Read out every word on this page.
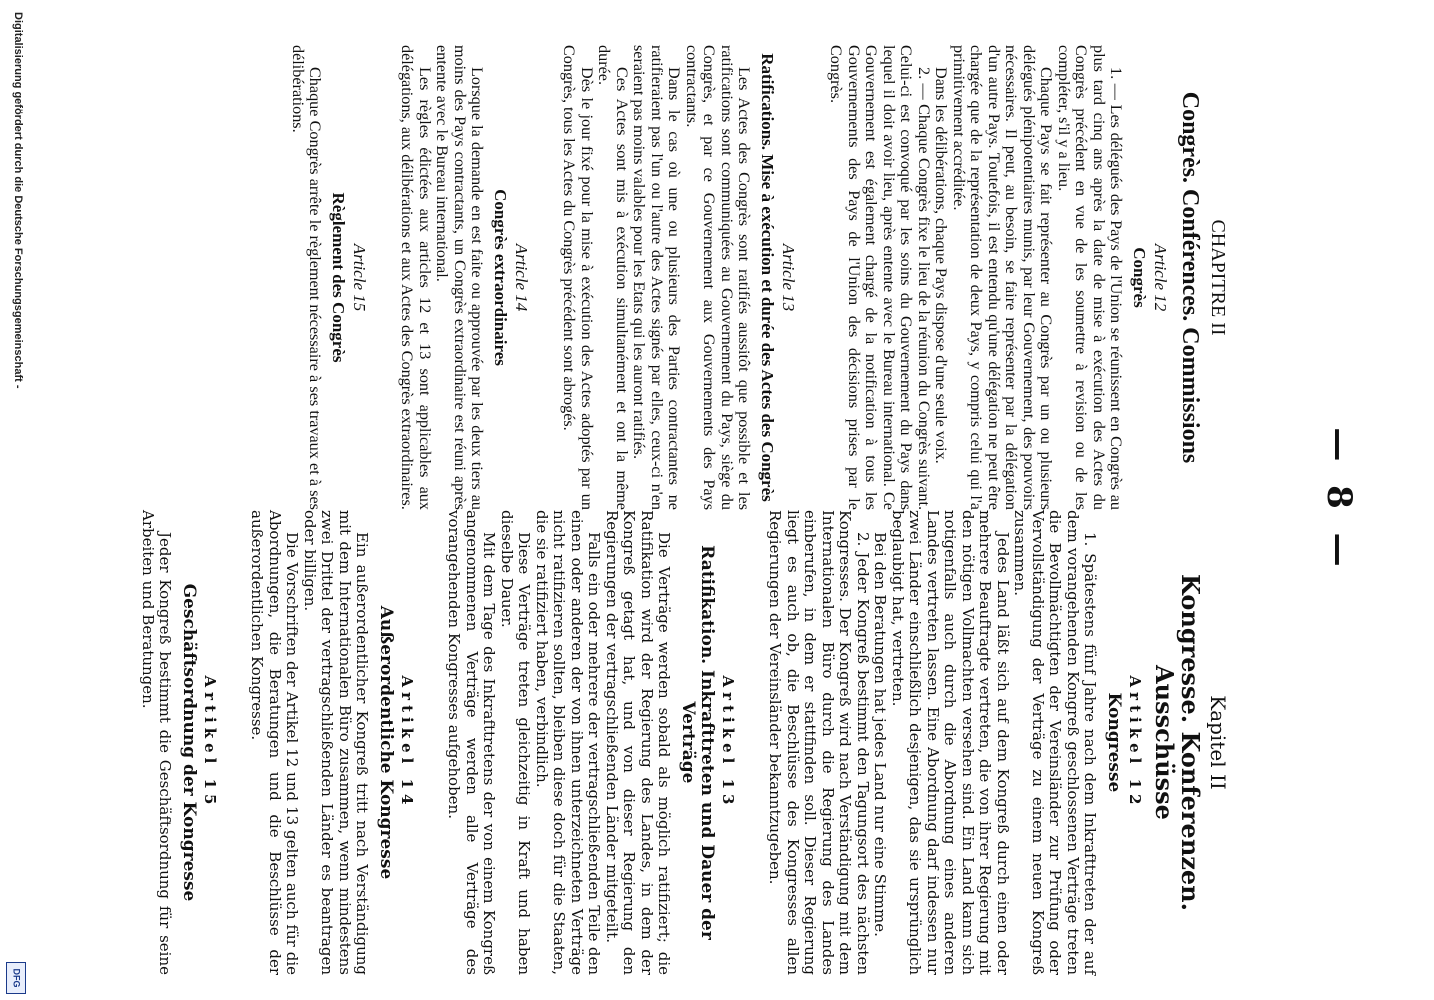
— 8 —

CHAPITRE II

Congrès. Conférences. Commissions

Article 12
Congrès

1. — Les délégués des Pays de l'Union se réunissent en Congrès au plus tard cinq ans après la date de mise à exécution des Actes du Congrès précédent en vue de les soumettre à revision ou de les compléter, s'il y a lieu.

Chaque Pays se fait représenter au Congrès par un ou plusieurs délégués plénipotentiaires munis, par leur Gouvernement, des pouvoirs nécessaires. Il peut, au besoin, se faire représenter par la délégation d'un autre Pays. Toutefois, il est entendu qu'une délégation ne peut être chargée que de la représentation de deux Pays, y compris celui qui l'a primitivement accréditée.

Dans les délibérations, chaque Pays dispose d'une seule voix.

2. — Chaque Congrès fixe le lieu de la réunion du Congrès suivant. Celui-ci est convoqué par les soins du Gouvernement du Pays dans lequel il doit avoir lieu, après entente avec le Bureau international. Ce Gouvernement est également chargé de la notification à tous les Gouvernements des Pays de l'Union des décisions prises par le Congrès.

Article 13
Ratifications. Mise à exécution et durée des Actes des Congrès

Les Actes des Congrès sont ratifiés aussitôt que possible et les ratifications sont communiquées au Gouvernement du Pays, siège du Congrès, et par ce Gouvernement aux Gouvernements des Pays contractants.

Dans le cas où une ou plusieurs des Parties contractantes ne ratifieraient pas l'un ou l'autre des Actes signés par elles, ceux-ci n'en seraient pas moins valables pour les Etats qui les auront ratifiés.

Ces Actes sont mis à exécution simultanément et ont la même durée.

Dès le jour fixé pour la mise à exécution des Actes adoptés par un Congrès, tous les Actes du Congrès précédent sont abrogés.

Article 14
Congrès extraordinaires

Lorsque la demande en est faite ou approuvée par les deux tiers au moins des Pays contractants, un Congrès extraordinaire est réuni après entente avec le Bureau international.

Les règles édictées aux articles 12 et 13 sont applicables aux délégations, aux délibérations et aux Actes des Congrès extraordinaires.

Article 15
Règlement des Congrès

Chaque Congrès arrête le règlement nécessaire à ses travaux et à ses délibérations.

Kapitel II

Kongresse. Konferenzen. Ausschüsse

Artikel 12
Kongresse

1. Spätestens fünf Jahre nach dem Inkrafttreten der auf dem vorangehenden Kongreß geschlossenen Verträge treten die Bevollmächtigten der Vereinsländer zur Prüfung oder Vervollständigung der Verträge zu einem neuen Kongreß zusammen.

Jedes Land läßt sich auf dem Kongreß durch einen oder mehrere Beauftragte vertreten, die von ihrer Regierung mit den nötigen Vollmachten versehen sind. Ein Land kann sich notigenfalls auch durch die Abordnung eines anderen Landes vertreten lassen. Eine Abordnung darf indessen nur zwei Länder einschließlich desjenigen, das sie ursprünglich beglaubigt hat, vertreten.

Bei den Beratungen hat jedes Land nur eine Stimme.

2. Jeder Kongreß bestimmt den Tagungsort des nächsten Kongresses. Der Kongreß wird nach Verständigung mit dem Internationalen Büro durch die Regierung des Landes einberufen, in dem er stattfinden soll. Dieser Regierung liegt es auch ob, die Beschlüsse des Kongresses allen Regierungen der Vereinsländer bekanntzugeben.

Artikel 13
Ratifikation. Inkrafttreten und Dauer der Verträge

Die Verträge werden sobald als möglich ratifiziert; die Ratifikation wird der Regierung des Landes, in dem der Kongreß getagt hat, und von dieser Regierung den Regierungen der vertragschließenden Länder mitgeteilt.

Falls ein oder mehrere der vertragschließenden Teile den einen oder anderen der von ihnen unterzeichneten Verträge nicht ratifizieren sollten, bleiben diese doch für die Staaten, die sie ratifiziert haben, verbindlich.

Diese Verträge treten gleichzeitig in Kraft und haben dieselbe Dauer.

Mit dem Tage des Inkrafttretens der von einem Kongreß angenommenen Verträge werden alle Verträge des vorangehenden Kongresses aufgehoben.

Artikel 14
Außerordentliche Kongresse

Ein außerordentlicher Kongreß tritt nach Verständigung mit dem Internationalen Büro zusammen, wenn mindestens zwei Drittel der vertragschließenden Länder es beantragen oder billigen.

Die Vorschriften der Artikel 12 und 13 gelten auch für die Abordnungen, die Beratungen und die Beschlüsse der außerordentlichen Kongresse.

Artikel 15
Geschäftsordnung der Kongresse

Jeder Kongreß bestimmt die Geschäftsordnung für seine Arbeiten und Beratungen.

Digitalisierung gefördert durch die Deutsche Forschungsgemeinschaft -
DFG
